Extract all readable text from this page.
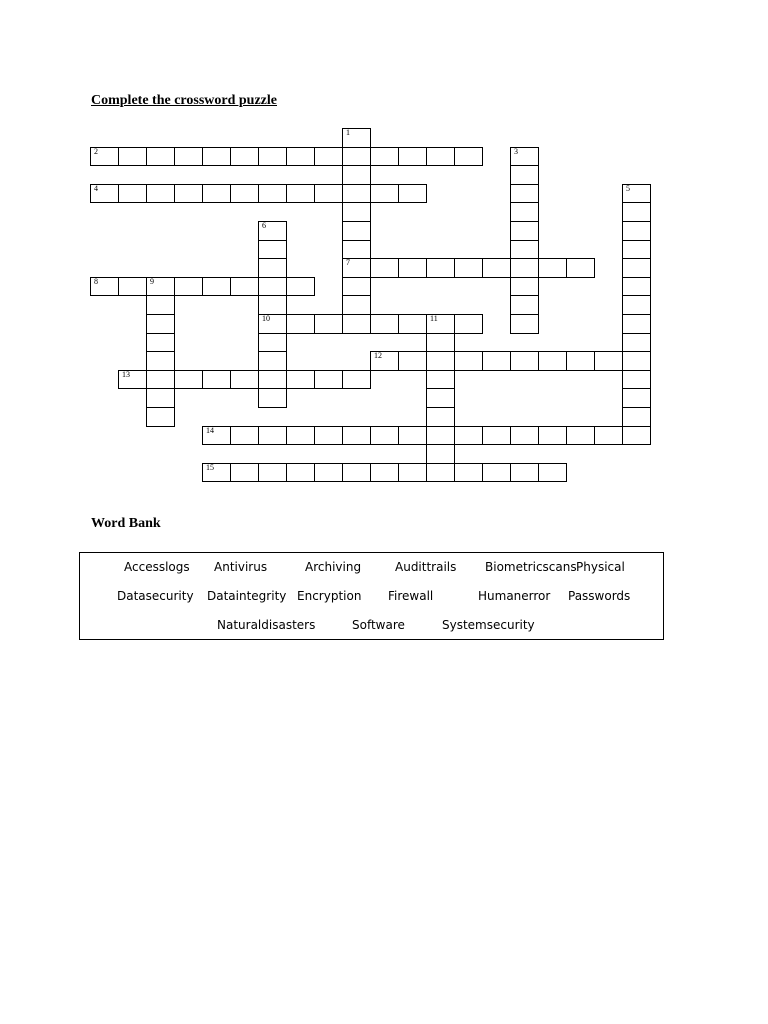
Complete the crossword puzzle
1
7
2	3
4	5
6
10
8	9
11
12
13
14
15
Word Bank
Accesslogs Antivirus	Archiving	Audittrails Biometricscans Physical
Datasecurity Dataintegrity Encryption Firewall	Humanerror Passwords
Naturaldisasters	Software	Systemsecurity
